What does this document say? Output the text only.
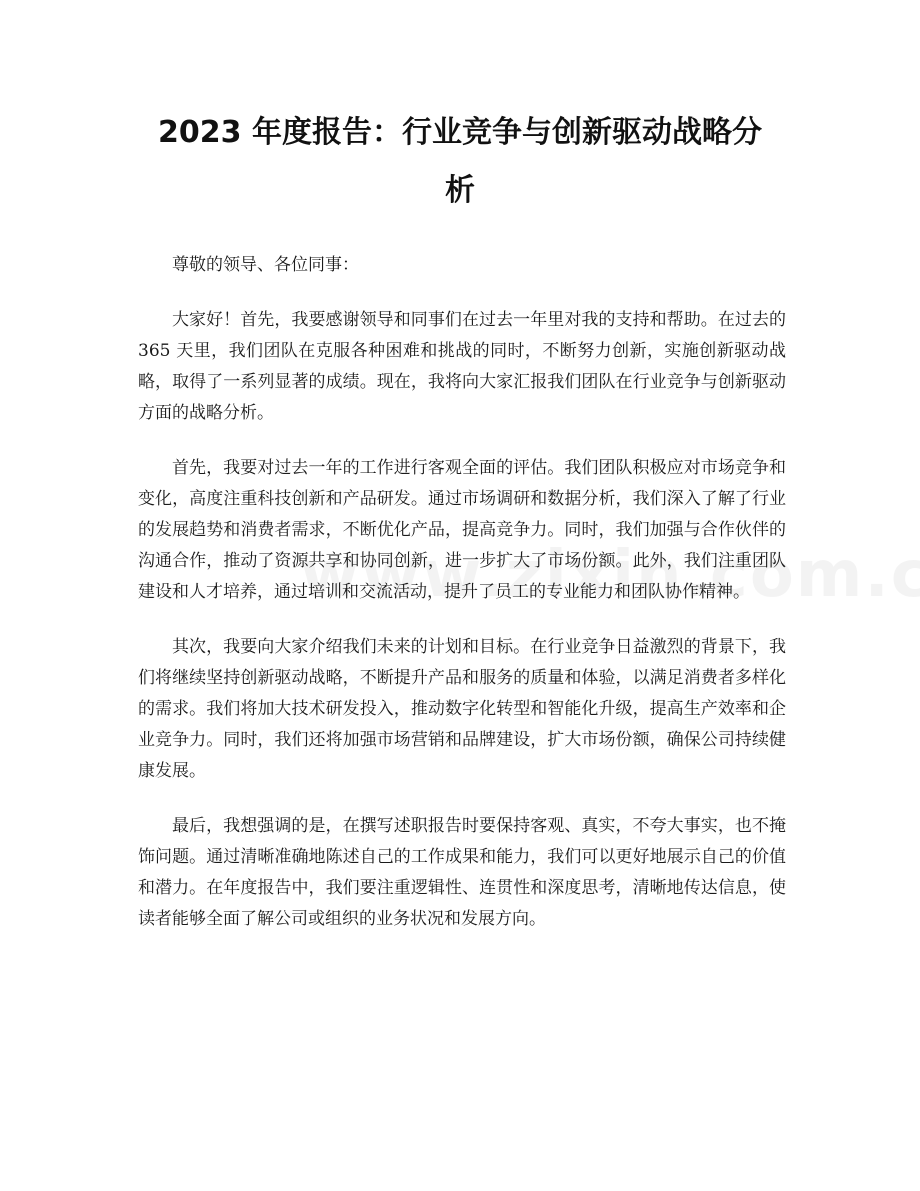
2023 年度报告：行业竞争与创新驱动战略分
析

尊敬的领导、各位同事：

大家好！首先，我要感谢领导和同事们在过去一年里对我的支持和帮助。在过去的 365 天里，我们团队在克服各种困难和挑战的同时，不断努力创新，实施创新驱动战略，取得了一系列显著的成绩。现在，我将向大家汇报我们团队在行业竞争与创新驱动方面的战略分析。

首先，我要对过去一年的工作进行客观全面的评估。我们团队积极应对市场竞争和变化，高度注重科技创新和产品研发。通过市场调研和数据分析，我们深入了解了行业的发展趋势和消费者需求，不断优化产品，提高竞争力。同时，我们加强与合作伙伴的沟通合作，推动了资源共享和协同创新，进一步扩大了市场份额。此外，我们注重团队建设和人才培养，通过培训和交流活动，提升了员工的专业能力和团队协作精神。

其次，我要向大家介绍我们未来的计划和目标。在行业竞争日益激烈的背景下，我们将继续坚持创新驱动战略，不断提升产品和服务的质量和体验，以满足消费者多样化的需求。我们将加大技术研发投入，推动数字化转型和智能化升级，提高生产效率和企业竞争力。同时，我们还将加强市场营销和品牌建设，扩大市场份额，确保公司持续健康发展。

最后，我想强调的是，在撰写述职报告时要保持客观、真实，不夸大事实，也不掩饰问题。通过清晰准确地陈述自己的工作成果和能力，我们可以更好地展示自己的价值和潜力。在年度报告中，我们要注重逻辑性、连贯性和深度思考，清晰地传达信息，使读者能够全面了解公司或组织的业务状况和发展方向。
